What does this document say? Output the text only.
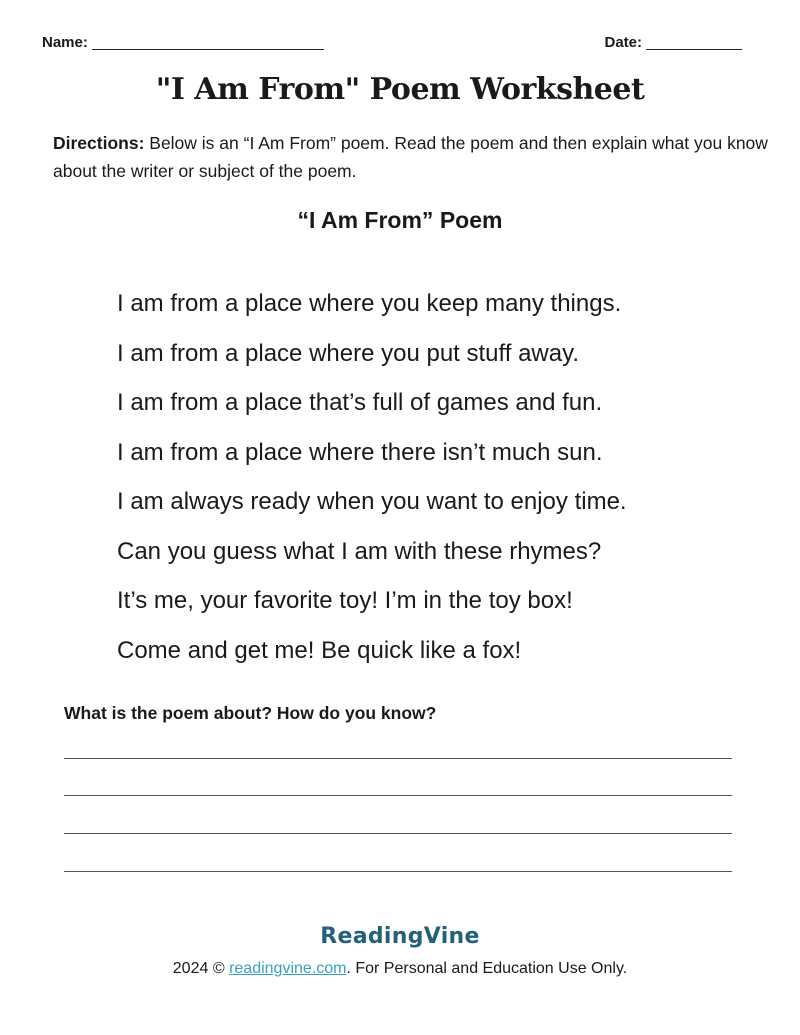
Name:	Date:
"I Am From" Poem Worksheet
Directions: Below is an “I Am From” poem. Read the poem and then explain what you know about the writer or subject of the poem.
“I Am From” Poem
I am from a place where you keep many things.
I am from a place where you put stuff away.
I am from a place that’s full of games and fun.
I am from a place where there isn’t much sun.
I am always ready when you want to enjoy time.
Can you guess what I am with these rhymes?
It’s me, your favorite toy! I’m in the toy box!
Come and get me! Be quick like a fox!
What is the poem about? How do you know?
ReadingVine
2024 © readingvine.com. For Personal and Education Use Only.
